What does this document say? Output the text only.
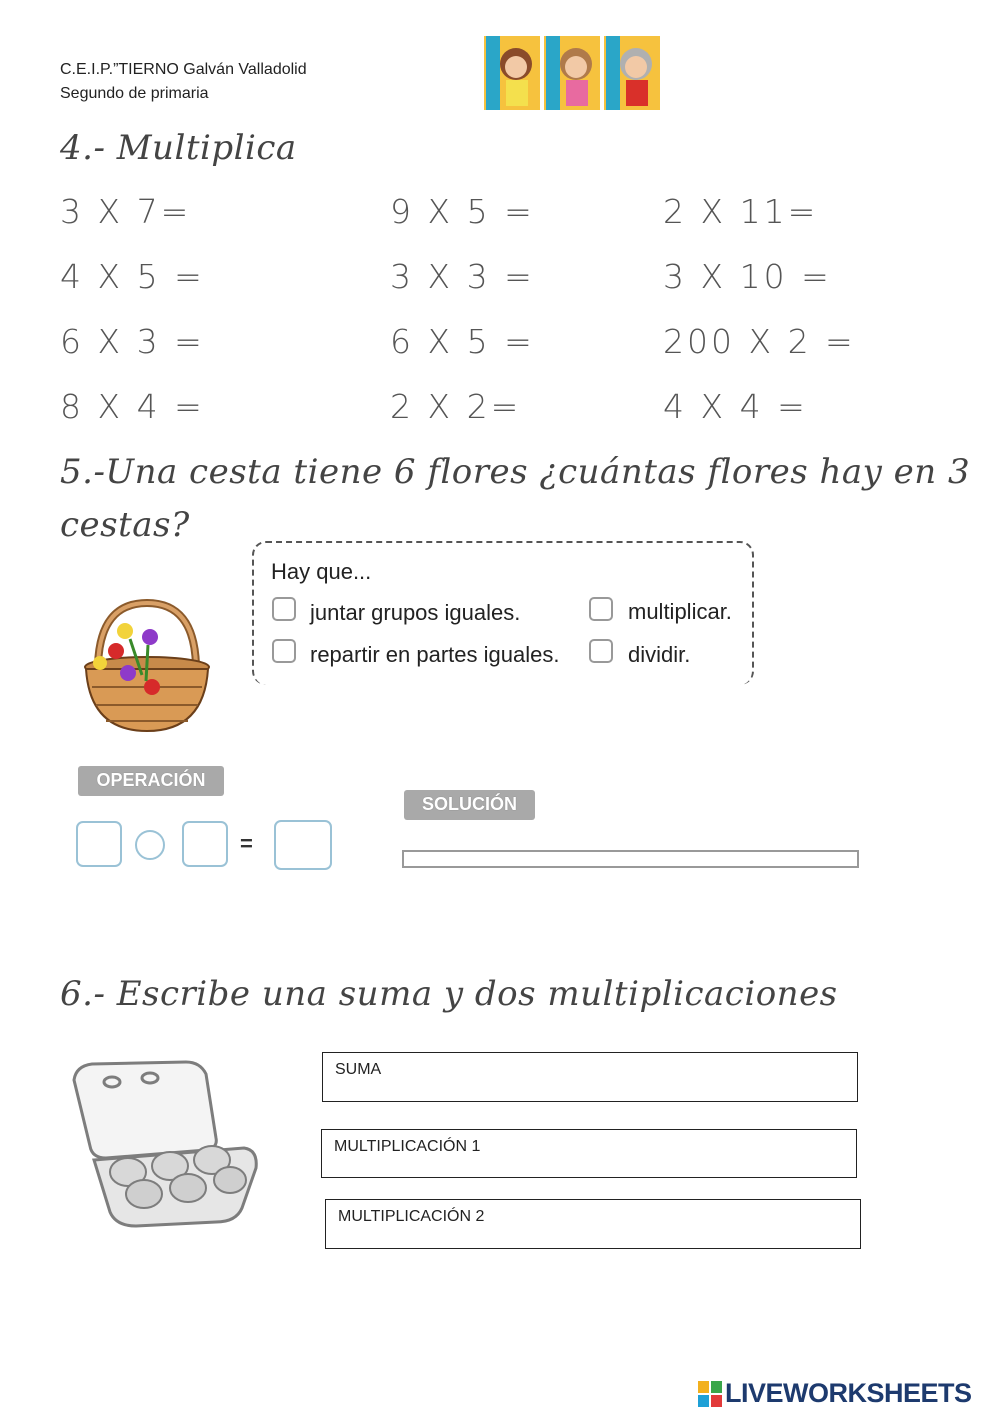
C.E.I.P.”TIERNO Galván Valladolid
Segundo de primaria
4.- Multiplica
3 X 7=	9 X 5 =	2 X 11=
4 X 5 =	3 X 3 =	3 X 10 =
6 X 3 =	6 X 5 =	200 X 2 =
8 X 4 =	2 X 2=	4 X 4 =
5.-Una cesta tiene 6 flores ¿cuántas flores hay en 3
cestas?
Hay que...
juntar grupos iguales.	multiplicar.
repartir en partes iguales.	dividir.
OPERACIÓN
=
SOLUCIÓN
6.- Escribe una suma y dos multiplicaciones
SUMA
MULTIPLICACIÓN 1
MULTIPLICACIÓN 2
LIVEWORKSHEETS
